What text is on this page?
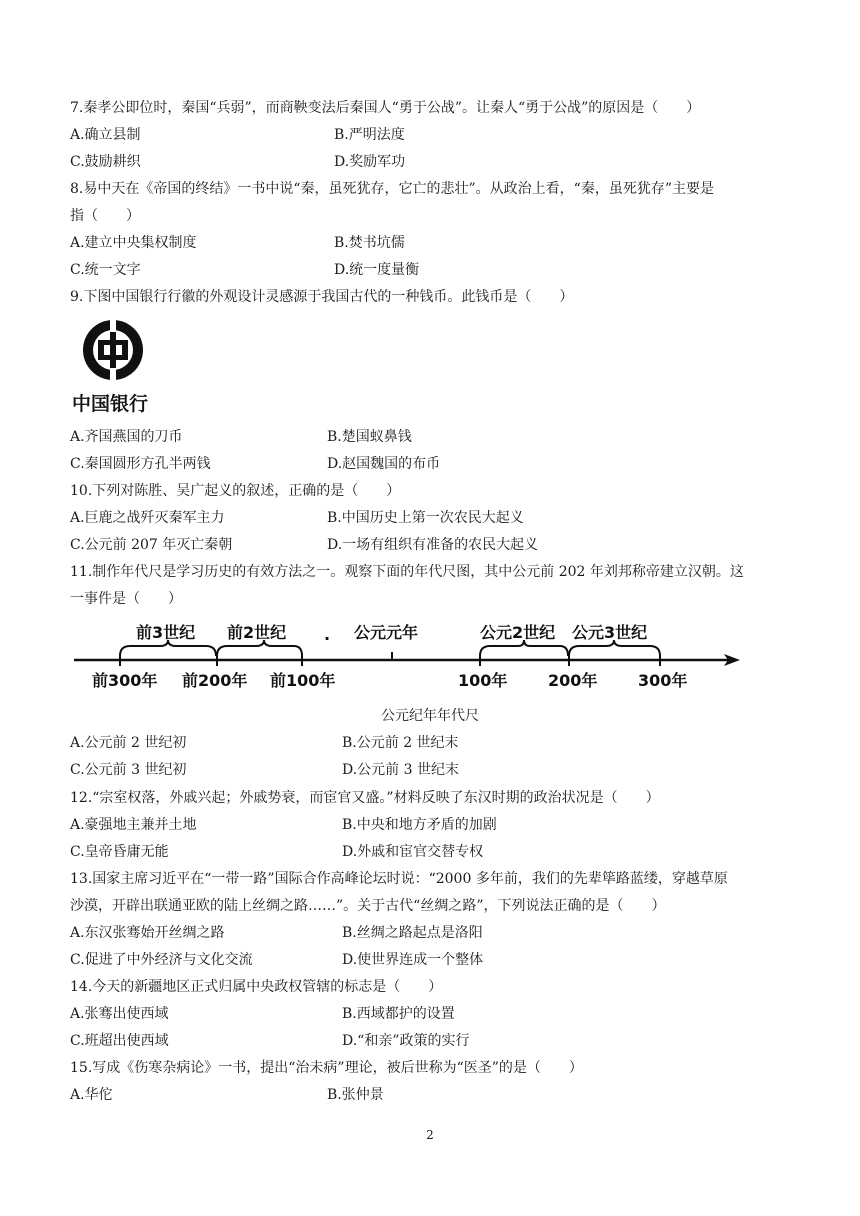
7.秦孝公即位时，秦国“兵弱”，而商鞅变法后秦国人“勇于公战”。让秦人“勇于公战”的原因是（　　）
A.确立县制	B.严明法度
C.鼓励耕织	D.奖励军功
8.易中天在《帝国的终结》一书中说“秦，虽死犹存，它亡的悲壮”。从政治上看，“秦，虽死犹存”主要是
指（　　）
A.建立中央集权制度	B.焚书坑儒
C.统一文字	D.统一度量衡
9.下图中国银行行徽的外观设计灵感源于我国古代的一种钱币。此钱币是（　　）
中国银行
A.齐国燕国的刀币	B.楚国蚁鼻钱
C.秦国圆形方孔半两钱	D.赵国魏国的布币
10.下列对陈胜、吴广起义的叙述，正确的是（　　）
A.巨鹿之战歼灭秦军主力	B.中国历史上第一次农民大起义
C.公元前 207 年灭亡秦朝	D.一场有组织有准备的农民大起义
11.制作年代尺是学习历史的有效方法之一。观察下面的年代尺图，其中公元前 202 年刘邦称帝建立汉朝。这
一事件是（　　）
前3世纪 前2世纪 . 公元元年	公元2世纪 公元3世纪
前300年 前200年 前100年	100年	200年	300年
公元纪年年代尺
A.公元前 2 世纪初	B.公元前 2 世纪末
C.公元前 3 世纪初	D.公元前 3 世纪末
12.“宗室权落，外戚兴起；外戚势衰，而宦官又盛。”材料反映了东汉时期的政治状况是（　　）
A.豪强地主兼并土地	B.中央和地方矛盾的加剧
C.皇帝昏庸无能	D.外戚和宦官交替专权
13.国家主席习近平在“一带一路”国际合作高峰论坛时说：“2000 多年前，我们的先辈筚路蓝缕，穿越草原
沙漠，开辟出联通亚欧的陆上丝绸之路……”。关于古代“丝绸之路”，下列说法正确的是（　　）
A.东汉张骞始开丝绸之路	B.丝绸之路起点是洛阳
C.促进了中外经济与文化交流	D.使世界连成一个整体
14.今天的新疆地区正式归属中央政权管辖的标志是（　　）
A.张骞出使西域	B.西域都护的设置
C.班超出使西域	D.“和亲”政策的实行
15.写成《伤寒杂病论》一书，提出“治未病”理论，被后世称为“医圣”的是（　　）
A.华佗	B.张仲景
2
